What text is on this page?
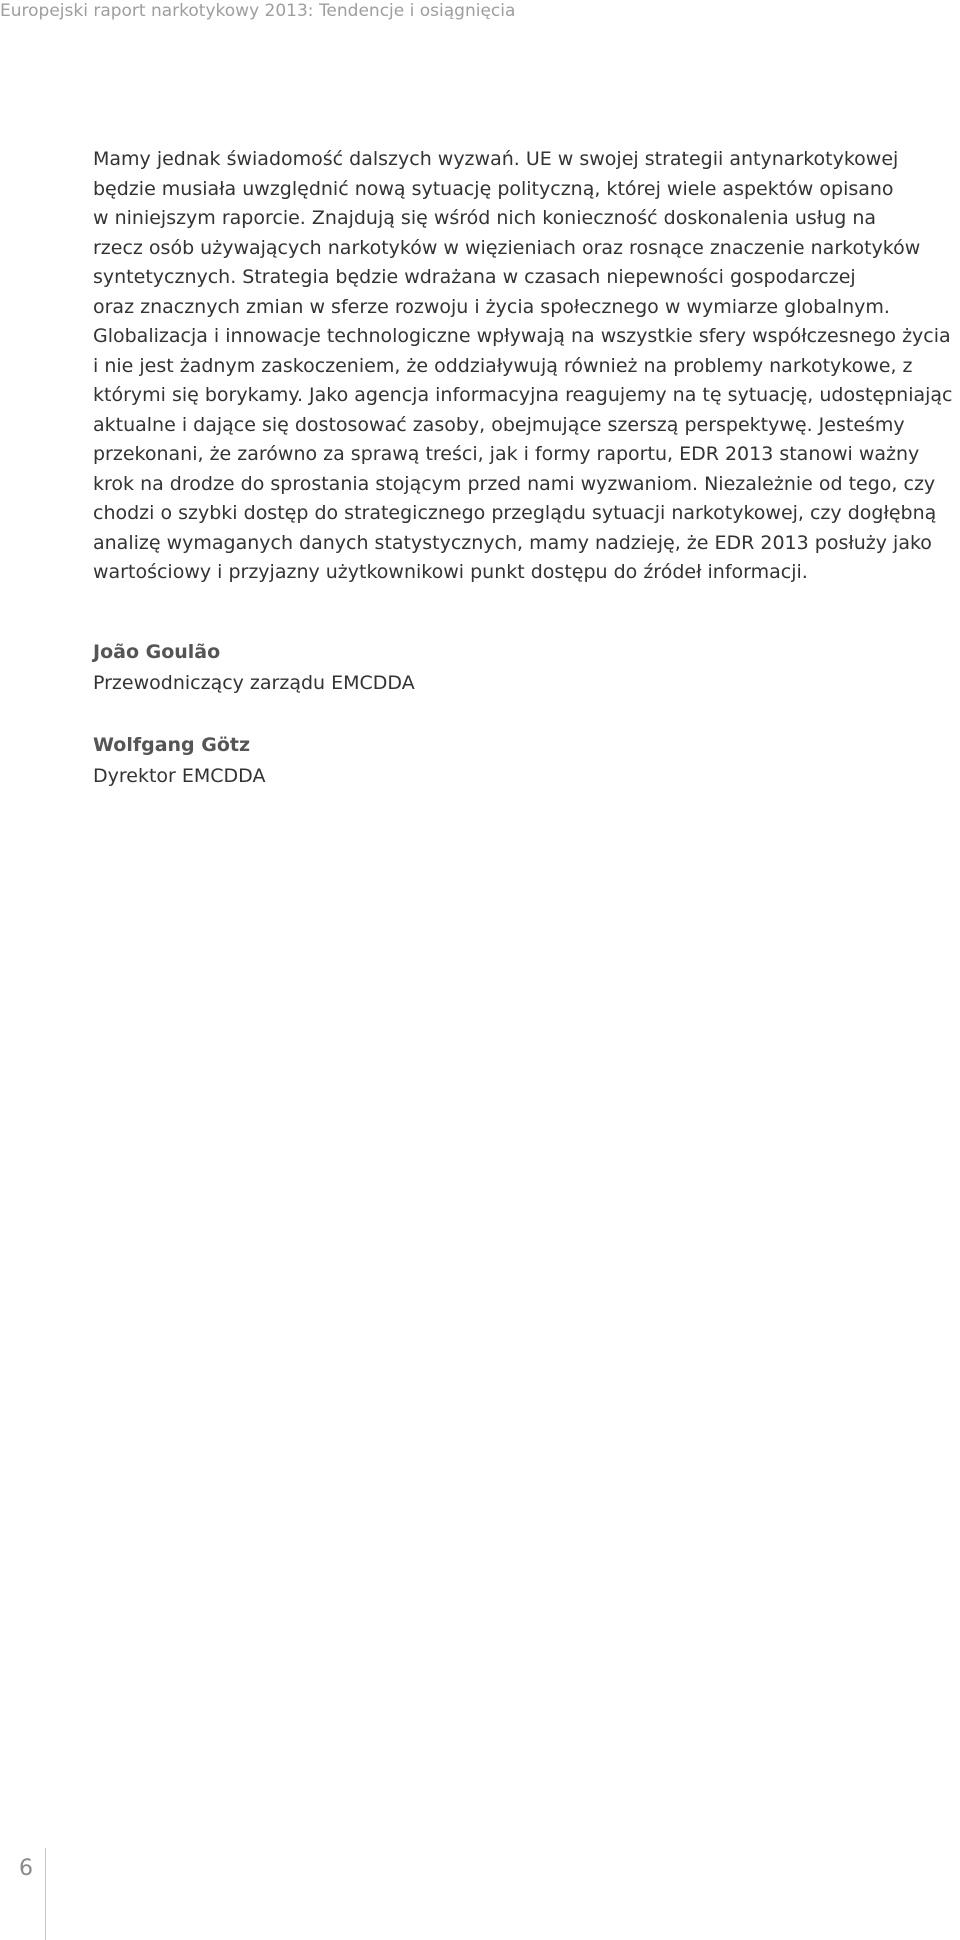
Europejski raport narkotykowy 2013: Tendencje i osiągnięcia
Mamy jednak świadomość dalszych wyzwań. UE w swojej strategii antynarkotykowej
będzie musiała uwzględnić nową sytuację polityczną, której wiele aspektów opisano
w niniejszym raporcie. Znajdują się wśród nich konieczność doskonalenia usług na
rzecz osób używających narkotyków w więzieniach oraz rosnące znaczenie narkotyków
syntetycznych. Strategia będzie wdrażana w czasach niepewności gospodarczej
oraz znacznych zmian w sferze rozwoju i życia społecznego w wymiarze globalnym.
Globalizacja i innowacje technologiczne wpływają na wszystkie sfery współczesnego życia
i nie jest żadnym zaskoczeniem, że oddziaływują również na problemy narkotykowe, z
którymi się borykamy. Jako agencja informacyjna reagujemy na tę sytuację, udostępniając
aktualne i dające się dostosować zasoby, obejmujące szerszą perspektywę. Jesteśmy
przekonani, że zarówno za sprawą treści, jak i formy raportu, EDR 2013 stanowi ważny
krok na drodze do sprostania stojącym przed nami wyzwaniom. Niezależnie od tego, czy
chodzi o szybki dostęp do strategicznego przeglądu sytuacji narkotykowej, czy dogłębną
analizę wymaganych danych statystycznych, mamy nadzieję, że EDR 2013 posłuży jako
wartościowy i przyjazny użytkownikowi punkt dostępu do źródeł informacji.
João Goulão
Przewodniczący zarządu EMCDDA
Wolfgang Götz
Dyrektor EMCDDA
6
